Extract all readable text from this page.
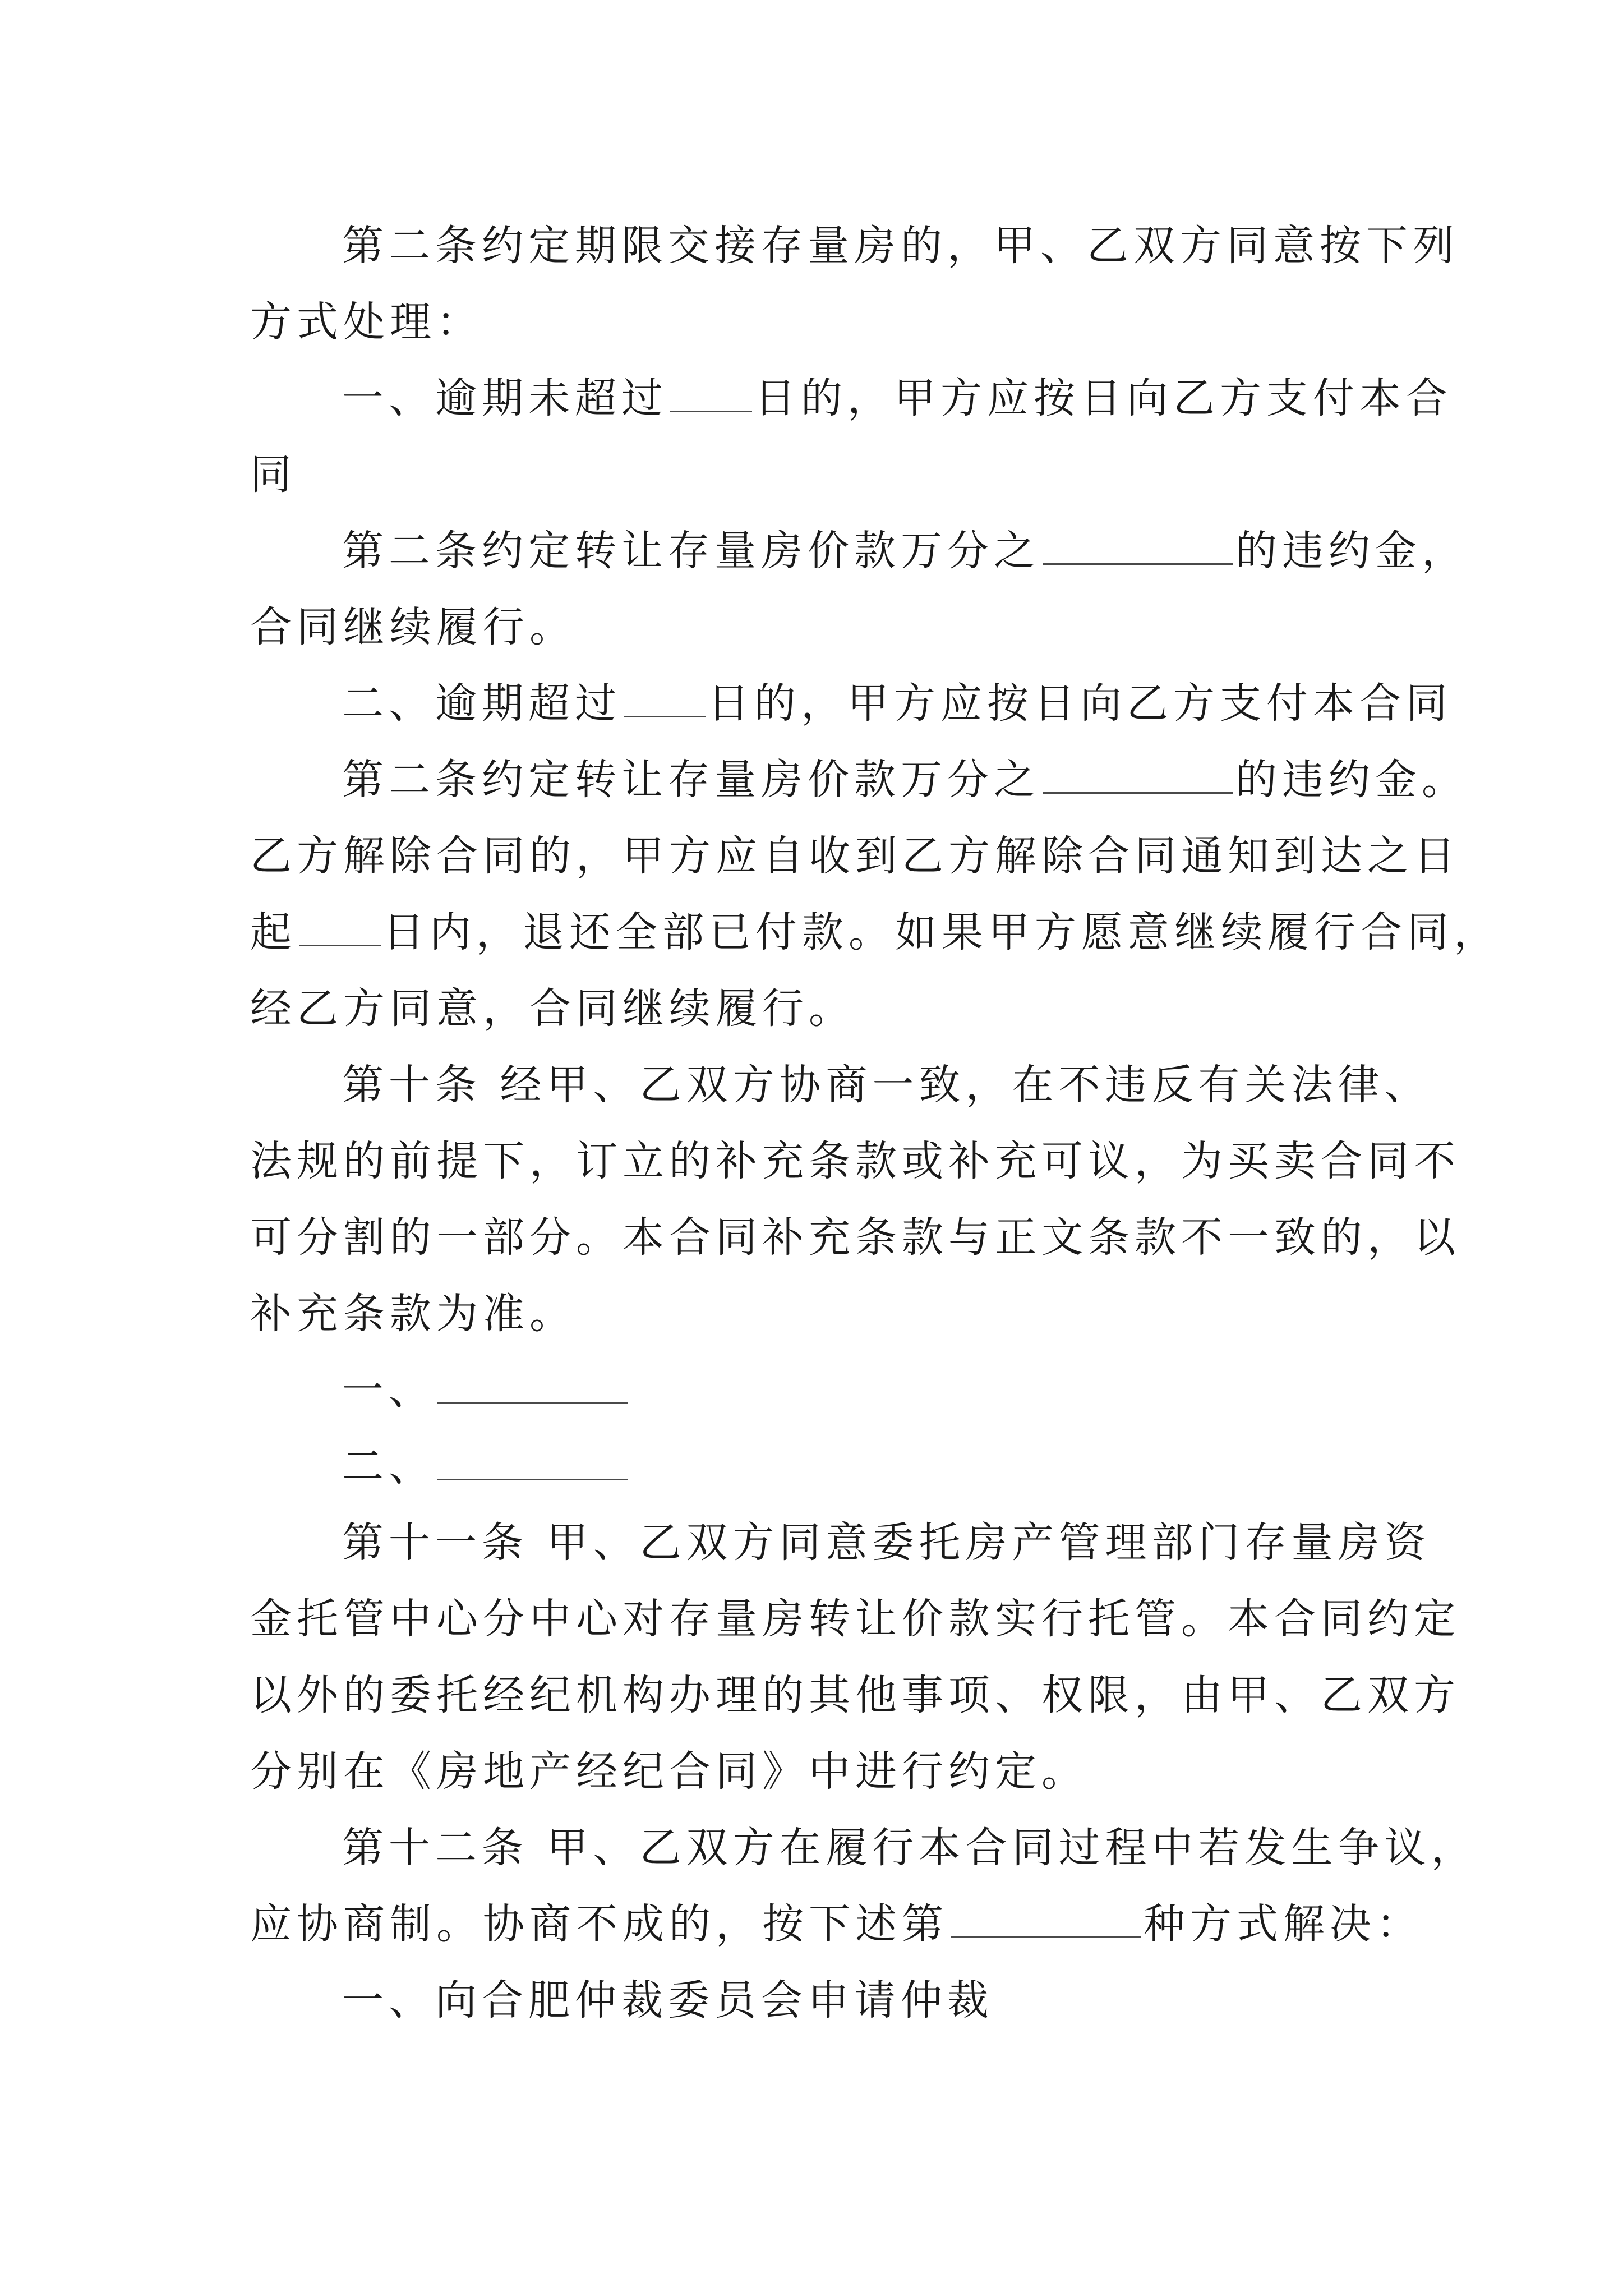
第二条约定期限交接存量房的，甲、乙双方同意按下列
方式处理：
一、逾期未超过 日的，甲方应按日向乙方支付本合
同
第二条约定转让存量房价款万分之	的违约金，
合同继续履行。
二、逾期超过 日的，甲方应按日向乙方支付本合同
第二条约定转让存量房价款万分之	的违约金。
乙方解除合同的，甲方应自收到乙方解除合同通知到达之日
起 日内，退还全部已付款。如果甲方愿意继续履行合同，
经乙方同意，合同继续履行。
第十条 经甲、乙双方协商一致，在不违反有关法律、
法规的前提下，订立的补充条款或补充可议，为买卖合同不
可分割的一部分。本合同补充条款与正文条款不一致的，以
补充条款为准。
一、
二、
第十一条 甲、乙双方同意委托房产管理部门存量房资
金托管中心分中心对存量房转让价款实行托管。本合同约定
以外的委托经纪机构办理的其他事项、权限，由甲、乙双方
分别在《房地产经纪合同》中进行约定。
第十二条 甲、乙双方在履行本合同过程中若发生争议，
应协商制。协商不成的，按下述第	种方式解决：
一、向合肥仲裁委员会申请仲裁
